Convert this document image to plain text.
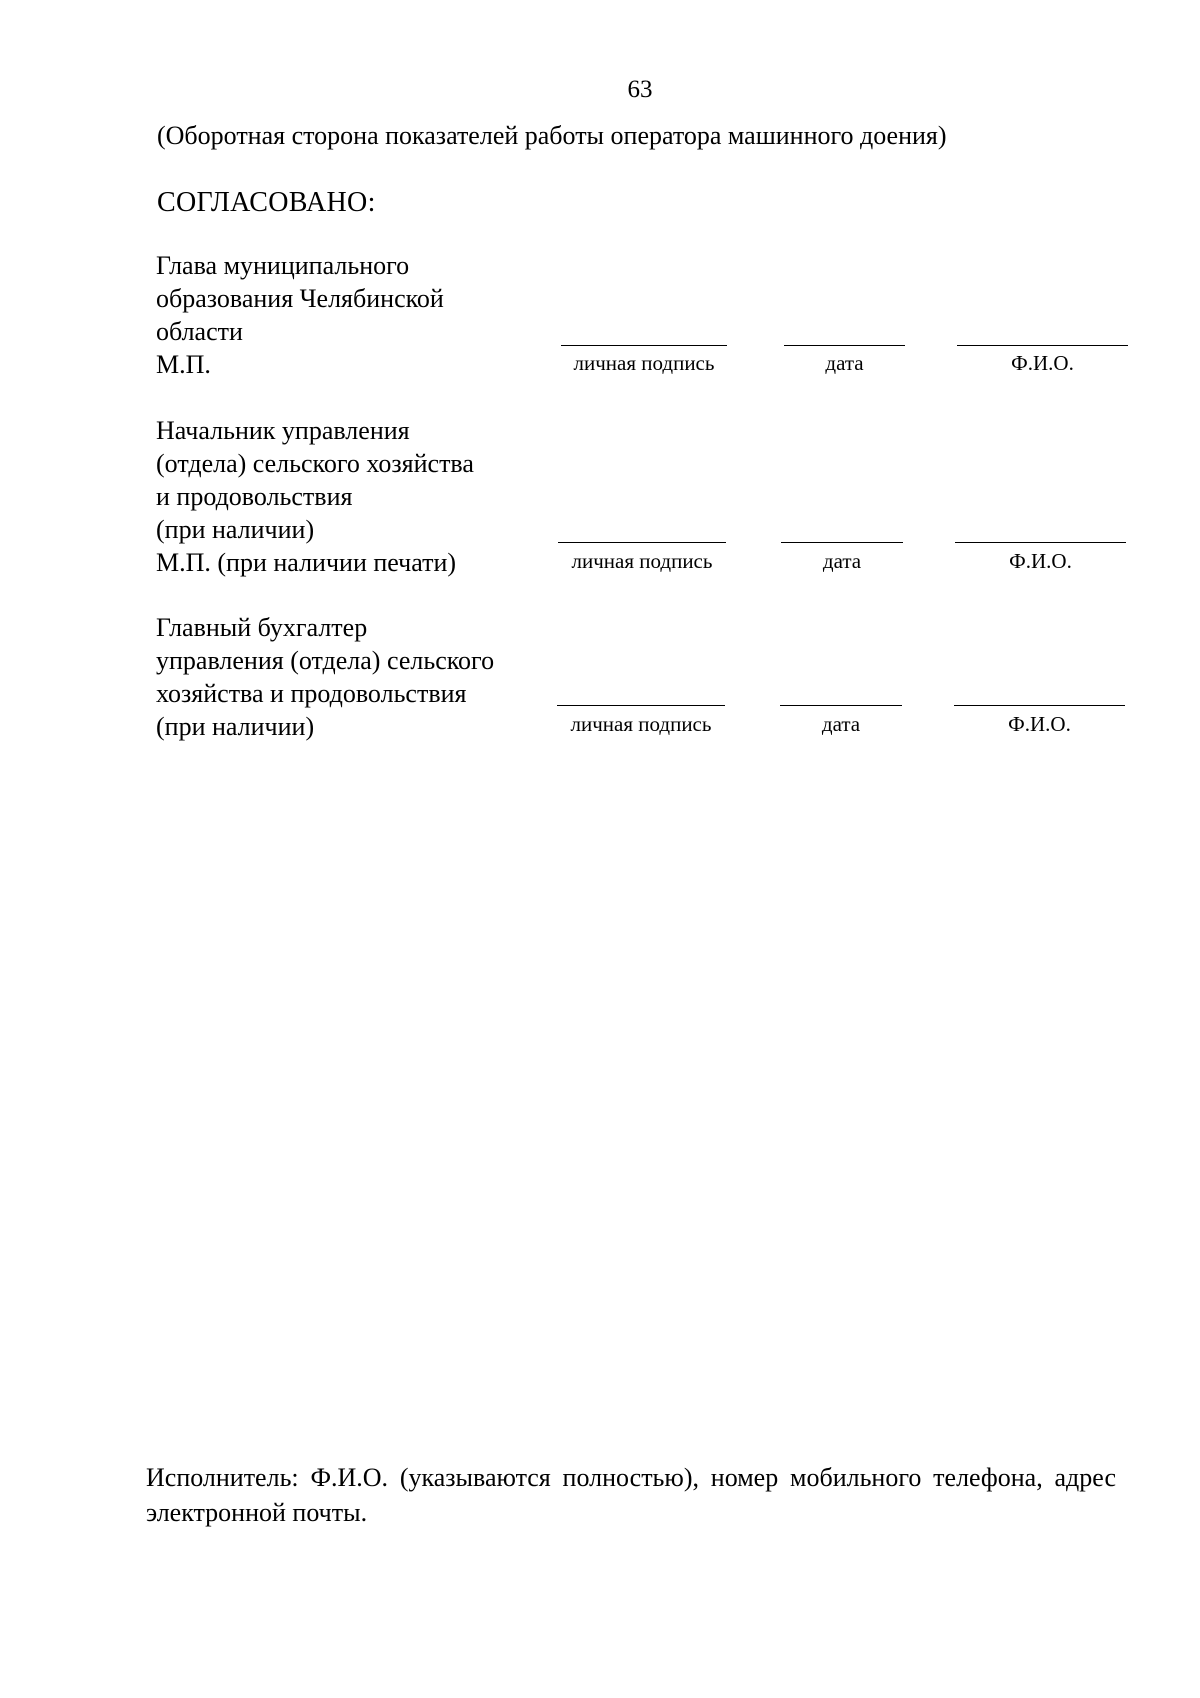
63
(Оборотная сторона показателей работы оператора машинного доения)
СОГЛАСОВАНО:
Глава муниципального
образования Челябинской
области
М.П.	личная подпись	дата	Ф.И.О.
Начальник управления
(отдела) сельского хозяйства
и продовольствия
(при наличии)
М.П. (при наличии печати)	личная подпись	дата	Ф.И.О.
Главный бухгалтер
управления (отдела) сельского
хозяйства и продовольствия
(при наличии)	личная подпись	дата	Ф.И.О.
Исполнитель: Ф.И.О. (указываются полностью), номер мобильного телефона, адрес электронной почты.
